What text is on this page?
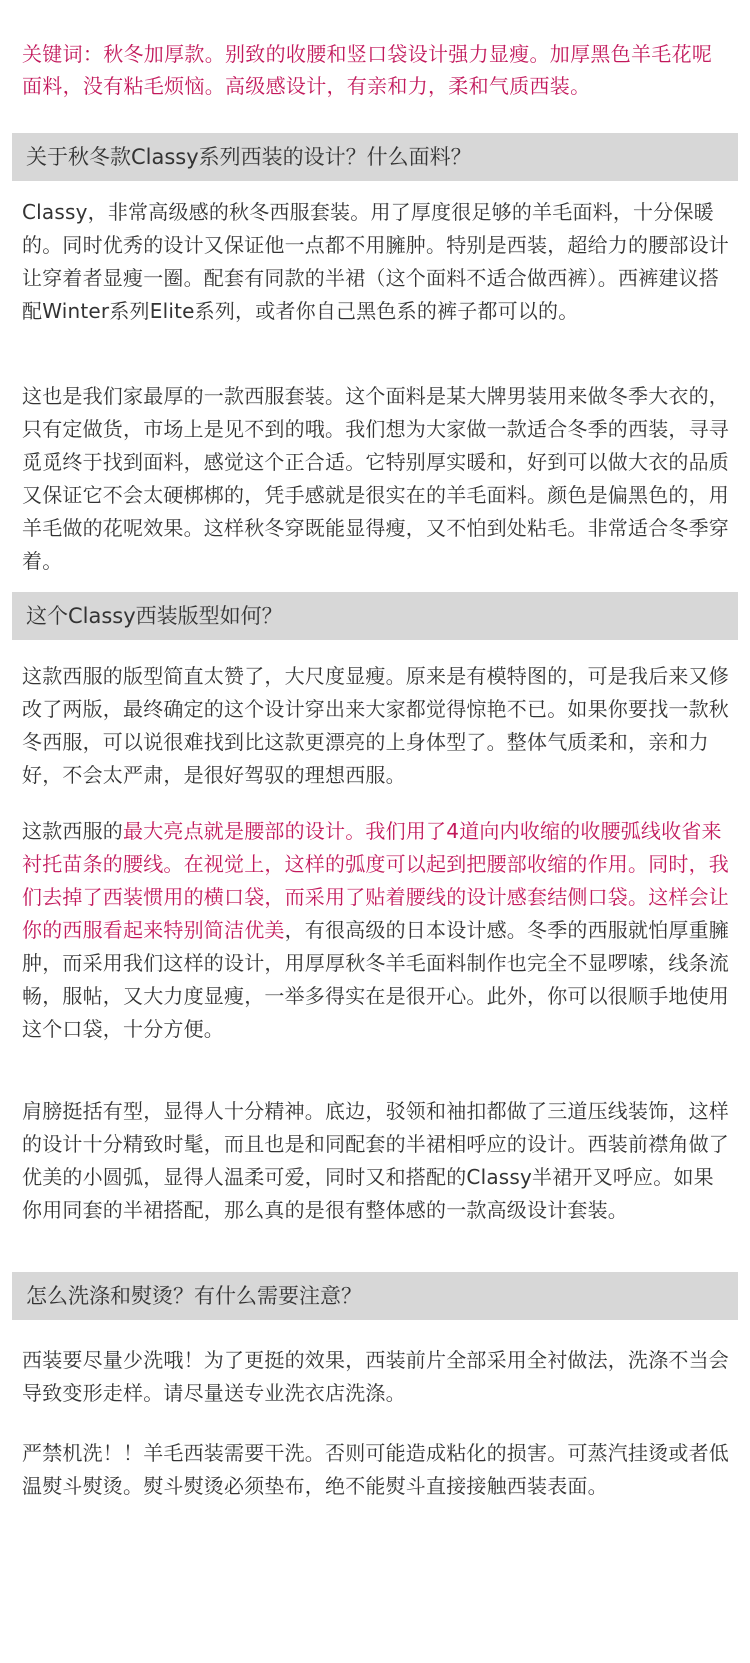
关键词：秋冬加厚款。别致的收腰和竖口袋设计强力显瘦。加厚黑色羊毛花呢面料，没有粘毛烦恼。高级感设计，有亲和力，柔和气质西装。
关于秋冬款Classy系列西装的设计？什么面料？
Classy，非常高级感的秋冬西服套装。用了厚度很足够的羊毛面料，十分保暖的。同时优秀的设计又保证他一点都不用臃肿。特别是西装，超给力的腰部设计让穿着者显瘦一圈。配套有同款的半裙（这个面料不适合做西裤）。西裤建议搭配Winter系列Elite系列，或者你自己黑色系的裤子都可以的。
这也是我们家最厚的一款西服套装。这个面料是某大牌男装用来做冬季大衣的，只有定做货，市场上是见不到的哦。我们想为大家做一款适合冬季的西装，寻寻觅觅终于找到面料，感觉这个正合适。它特别厚实暖和，好到可以做大衣的品质又保证它不会太硬梆梆的，凭手感就是很实在的羊毛面料。颜色是偏黑色的，用羊毛做的花呢效果。这样秋冬穿既能显得瘦，又不怕到处粘毛。非常适合冬季穿着。
这个Classy西装版型如何？
这款西服的版型简直太赞了，大尺度显瘦。原来是有模特图的，可是我后来又修改了两版，最终确定的这个设计穿出来大家都觉得惊艳不已。如果你要找一款秋冬西服，可以说很难找到比这款更漂亮的上身体型了。整体气质柔和，亲和力好，不会太严肃，是很好驾驭的理想西服。
这款西服的最大亮点就是腰部的设计。我们用了4道向内收缩的收腰弧线收省来衬托苗条的腰线。在视觉上，这样的弧度可以起到把腰部收缩的作用。同时，我们去掉了西装惯用的横口袋，而采用了贴着腰线的设计感套结侧口袋。这样会让你的西服看起来特别简洁优美，有很高级的日本设计感。冬季的西服就怕厚重臃肿，而采用我们这样的设计，用厚厚秋冬羊毛面料制作也完全不显啰嗦，线条流畅，服帖，又大力度显瘦，一举多得实在是很开心。此外，你可以很顺手地使用这个口袋，十分方便。
肩膀挺括有型，显得人十分精神。底边，驳领和袖扣都做了三道压线装饰，这样的设计十分精致时髦，而且也是和同配套的半裙相呼应的设计。西装前襟角做了优美的小圆弧，显得人温柔可爱，同时又和搭配的Classy半裙开叉呼应。如果你用同套的半裙搭配，那么真的是很有整体感的一款高级设计套装。
怎么洗涤和熨烫？有什么需要注意？
西装要尽量少洗哦！为了更挺的效果，西装前片全部采用全衬做法，洗涤不当会导致变形走样。请尽量送专业洗衣店洗涤。
严禁机洗！！羊毛西装需要干洗。否则可能造成粘化的损害。可蒸汽挂烫或者低温熨斗熨烫。熨斗熨烫必须垫布，绝不能熨斗直接接触西装表面。
